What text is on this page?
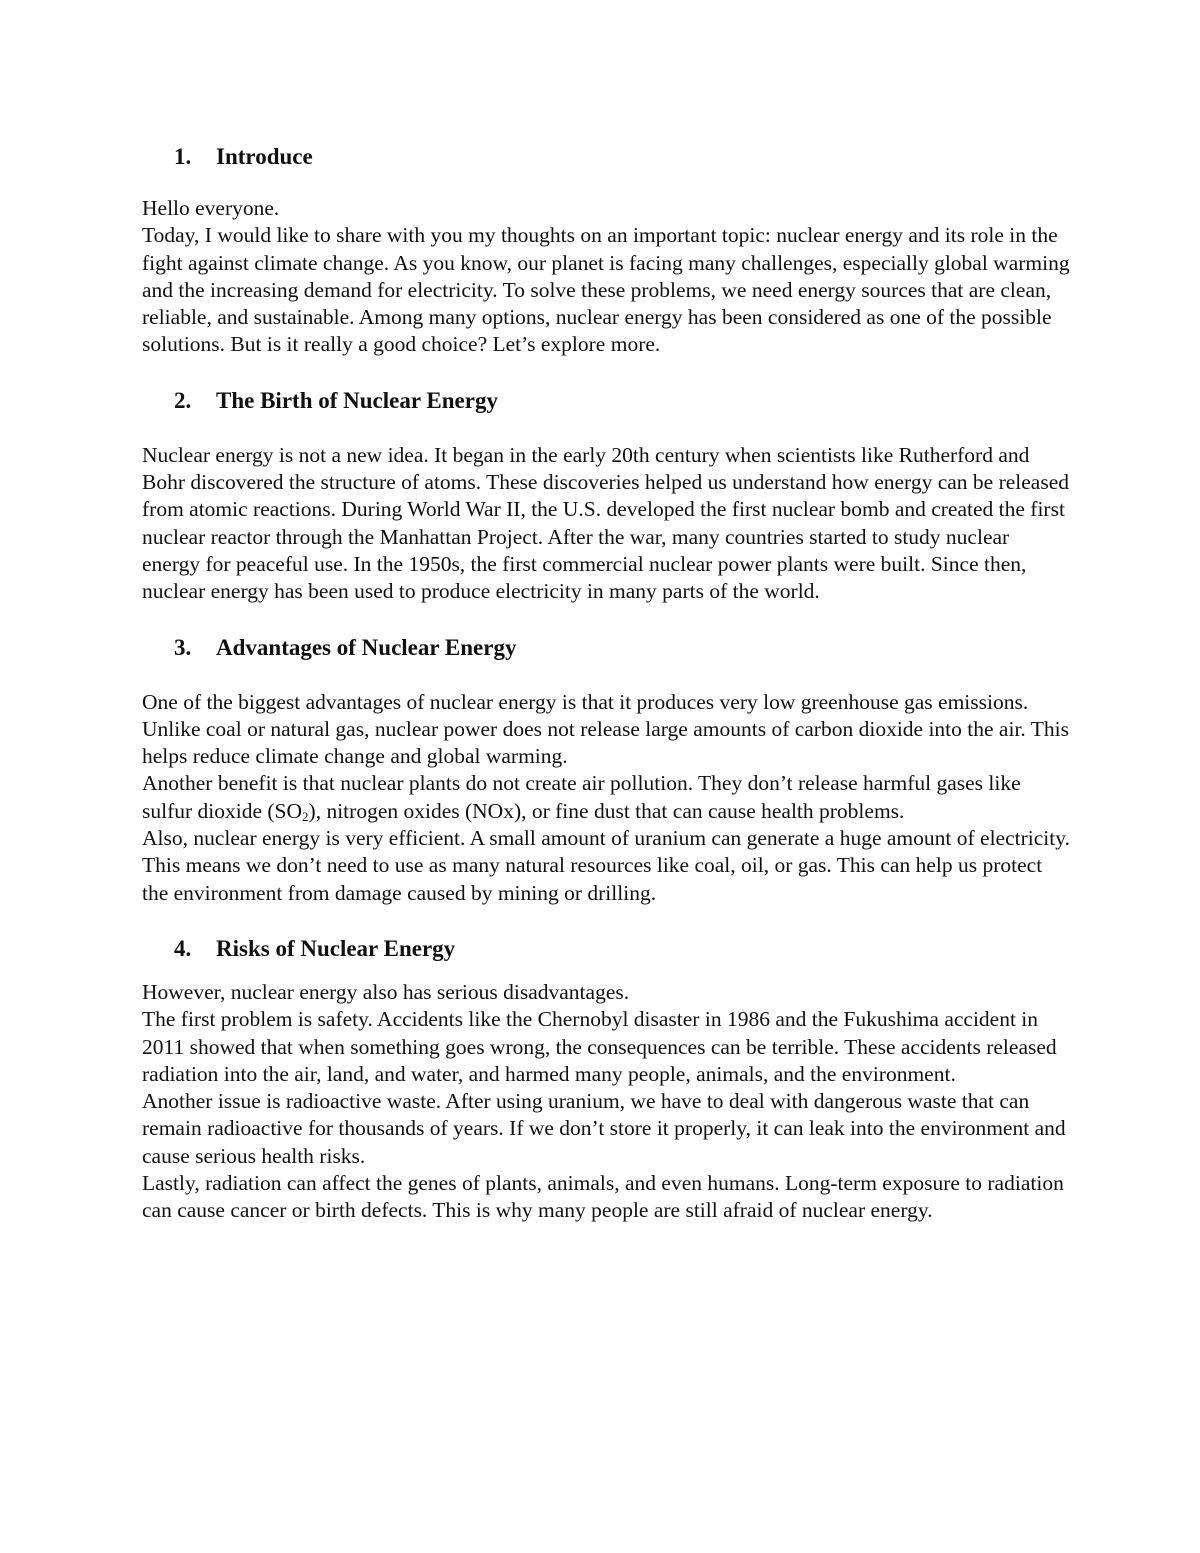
1. Introduce

Hello everyone.

Today, I would like to share with you my thoughts on an important topic: nuclear energy and its role in the fight against climate change. As you know, our planet is facing many challenges, especially global warming and the increasing demand for electricity. To solve these problems, we need energy sources that are clean, reliable, and sustainable. Among many options, nuclear energy has been considered as one of the possible solutions. But is it really a good choice? Let’s explore more.

2. The Birth of Nuclear Energy

Nuclear energy is not a new idea. It began in the early 20th century when scientists like Rutherford and Bohr discovered the structure of atoms. These discoveries helped us understand how energy can be released from atomic reactions. During World War II, the U.S. developed the first nuclear bomb and created the first nuclear reactor through the Manhattan Project. After the war, many countries started to study nuclear energy for peaceful use. In the 1950s, the first commercial nuclear power plants were built. Since then, nuclear energy has been used to produce electricity in many parts of the world.

3. Advantages of Nuclear Energy

One of the biggest advantages of nuclear energy is that it produces very low greenhouse gas emissions. Unlike coal or natural gas, nuclear power does not release large amounts of carbon dioxide into the air. This helps reduce climate change and global warming.

Another benefit is that nuclear plants do not create air pollution. They don’t release harmful gases like sulfur dioxide $(SO_2)$, nitrogen oxides (NOx), or fine dust that can cause health problems.

Also, nuclear energy is very efficient. A small amount of uranium can generate a huge amount of electricity. This means we don’t need to use as many natural resources like coal, oil, or gas. This can help us protect the environment from damage caused by mining or drilling.

4. Risks of Nuclear Energy

However, nuclear energy also has serious disadvantages.

The first problem is safety. Accidents like the Chernobyl disaster in 1986 and the Fukushima accident in 2011 showed that when something goes wrong, the consequences can be terrible. These accidents released radiation into the air, land, and water, and harmed many people, animals, and the environment.

Another issue is radioactive waste. After using uranium, we have to deal with dangerous waste that can remain radioactive for thousands of years. If we don’t store it properly, it can leak into the environment and cause serious health risks.

Lastly, radiation can affect the genes of plants, animals, and even humans. Long-term exposure to radiation can cause cancer or birth defects. This is why many people are still afraid of nuclear energy.
